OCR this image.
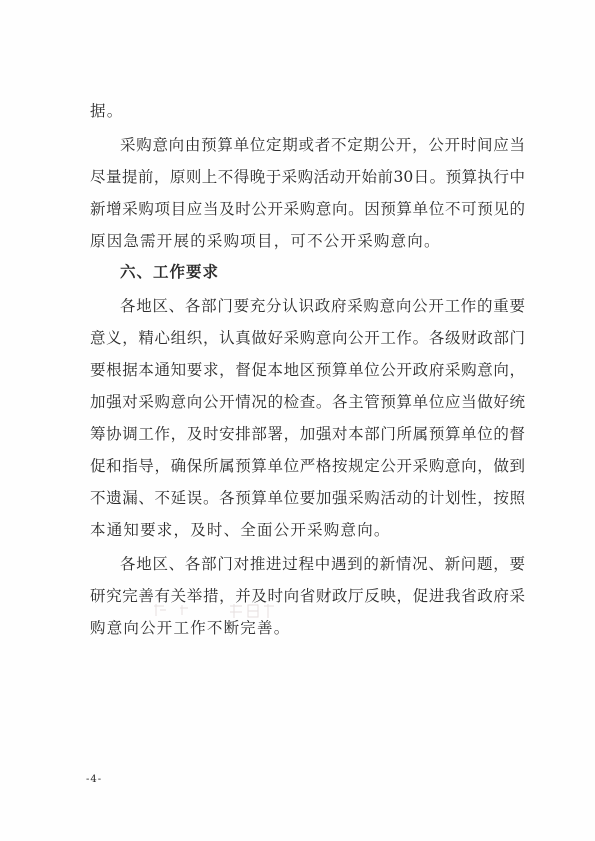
据。
采购意向由预算单位定期或者不定期公开，公开时间应当
尽量提前，原则上不得晚于采购活动开始前30日。预算执行中
新增采购项目应当及时公开采购意向。因预算单位不可预见的
原因急需开展的采购项目，可不公开采购意向。
六、工作要求
各地区、各部门要充分认识政府采购意向公开工作的重要
意义，精心组织，认真做好采购意向公开工作。各级财政部门
要根据本通知要求，督促本地区预算单位公开政府采购意向，
加强对采购意向公开情况的检查。各主管预算单位应当做好统
筹协调工作，及时安排部署，加强对本部门所属预算单位的督
促和指导，确保所属预算单位严格按规定公开采购意向，做到
不遗漏、不延误。各预算单位要加强采购活动的计划性，按照
本通知要求，及时、全面公开采购意向。
各地区、各部门对推进过程中遇到的新情况、新问题，要
研究完善有关举措，并及时向省财政厅反映，促进我省政府采
购意向公开工作不断完善。
-4-
